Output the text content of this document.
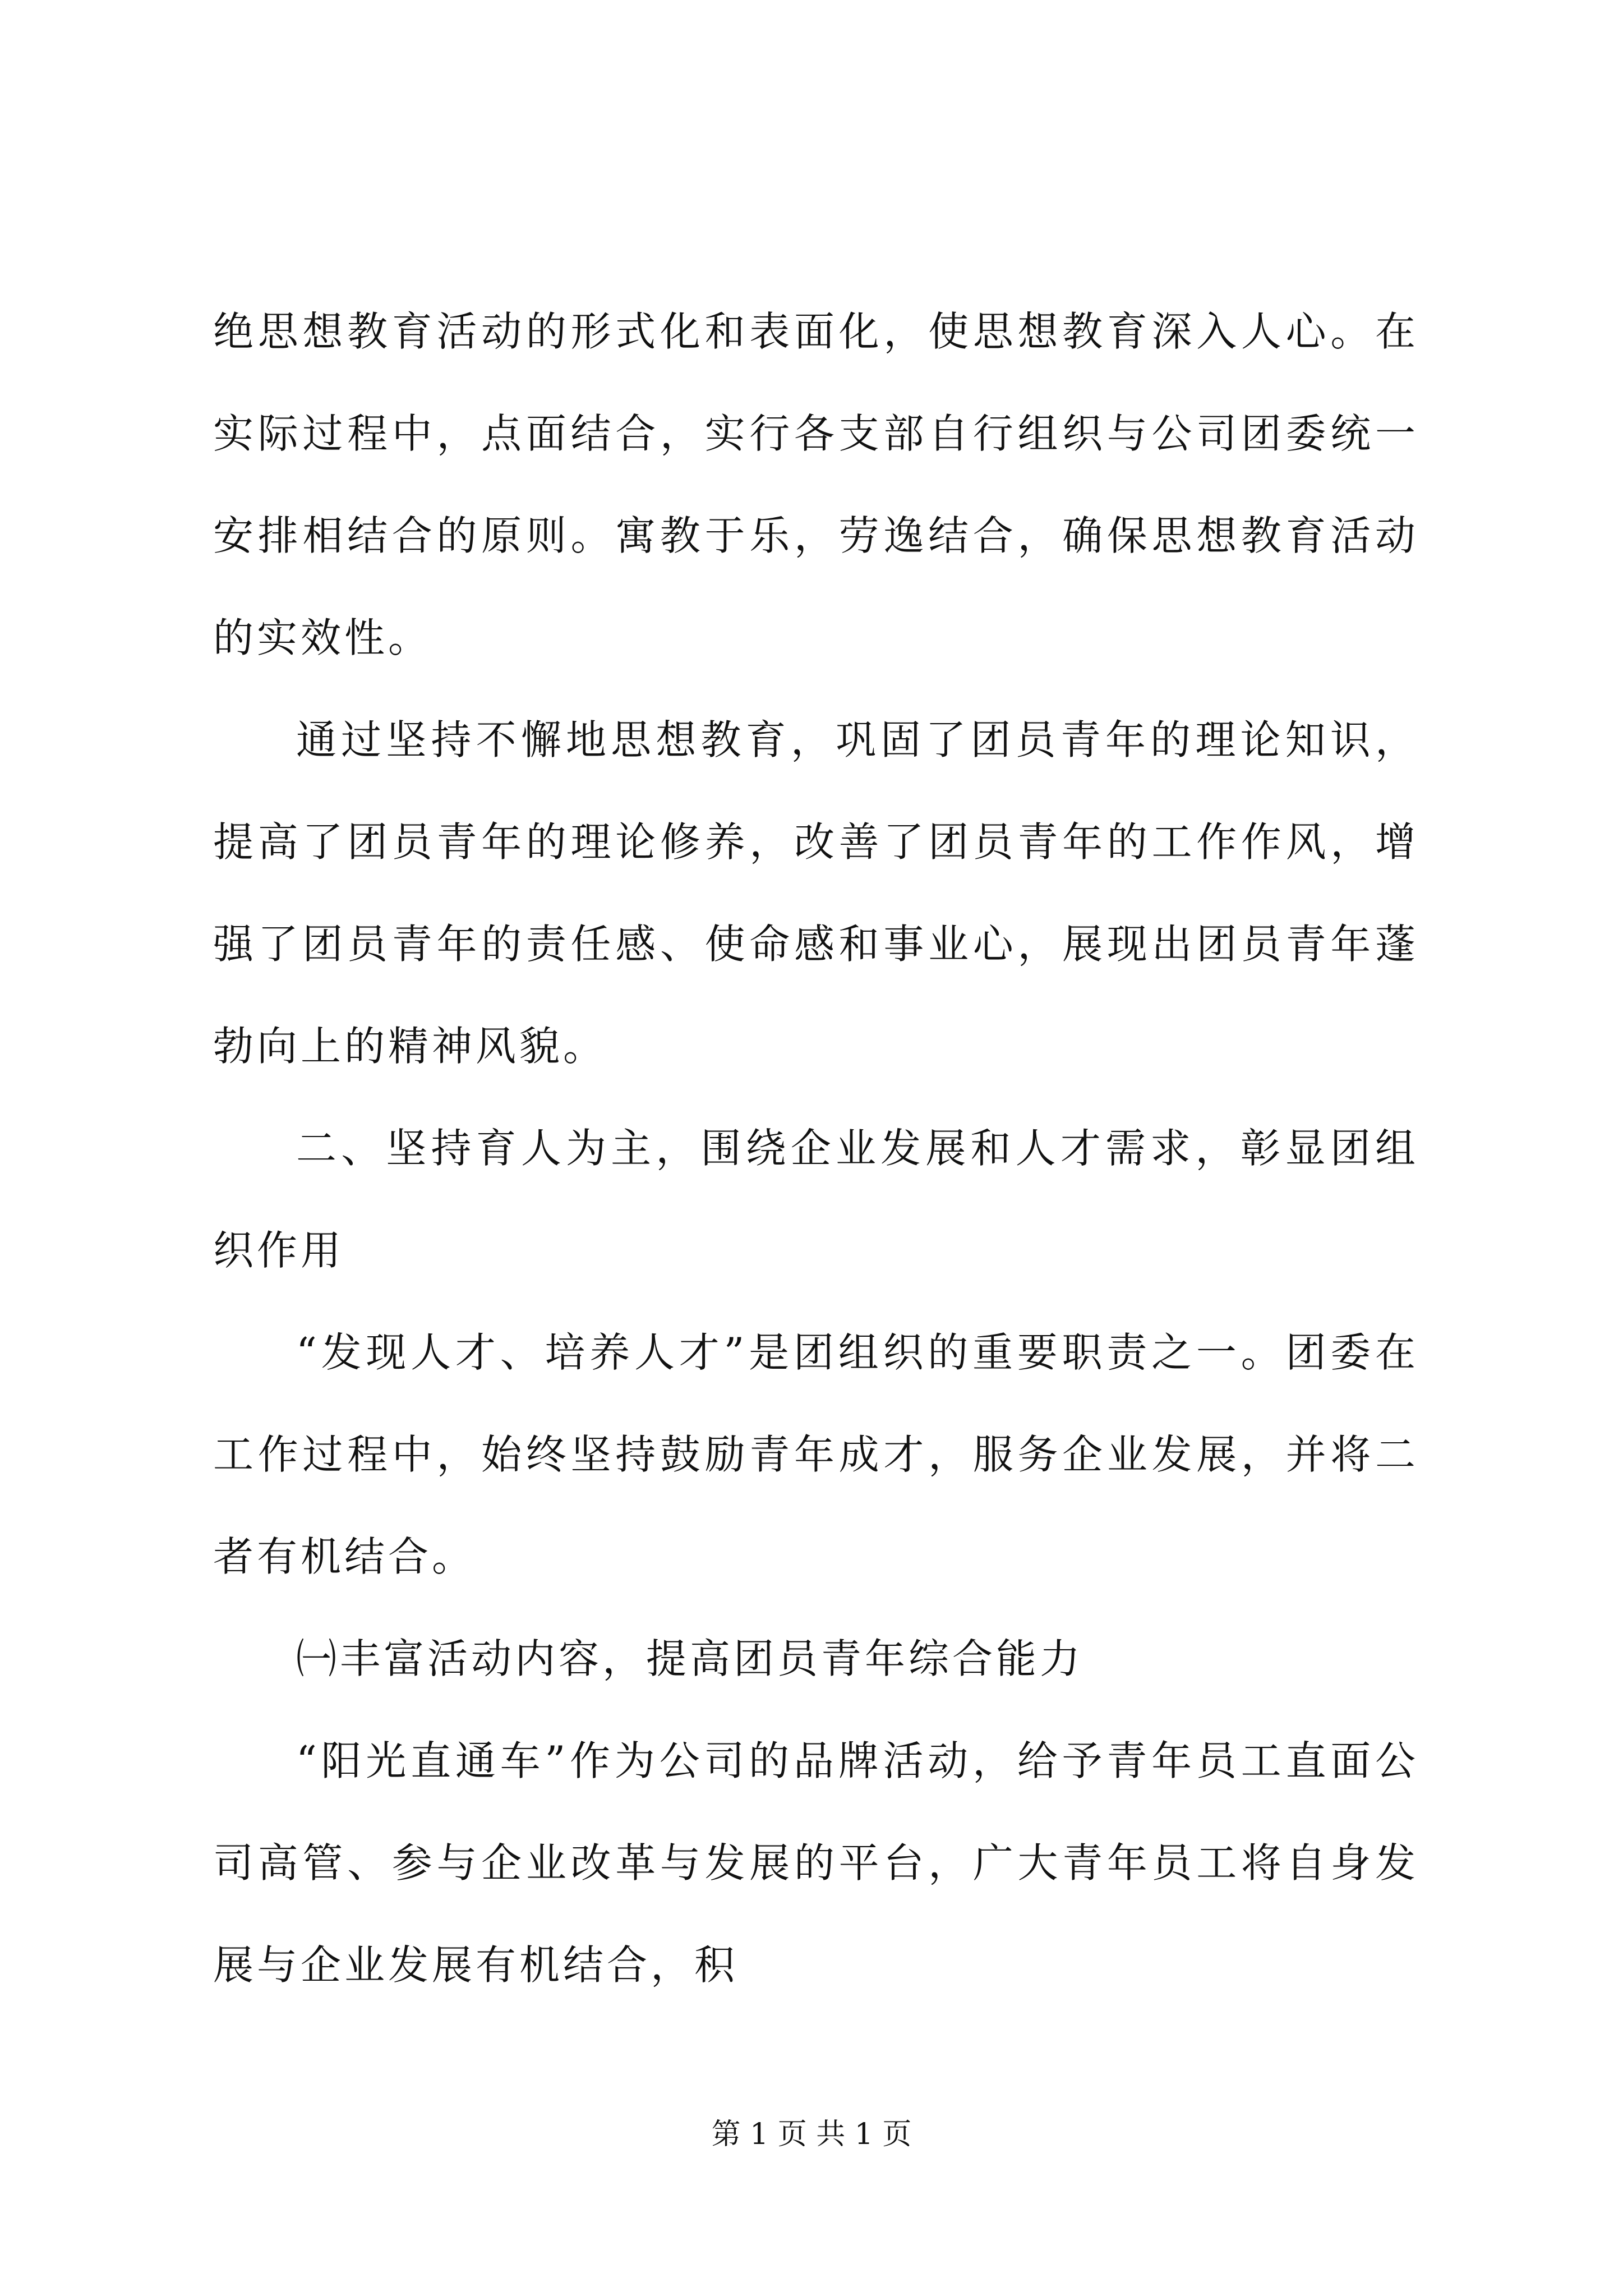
绝思想教育活动的形式化和表面化，使思想教育深入人心。在实际过程中，点面结合，实行各支部自行组织与公司团委统一安排相结合的原则。寓教于乐，劳逸结合，确保思想教育活动的实效性。

通过坚持不懈地思想教育，巩固了团员青年的理论知识，提高了团员青年的理论修养，改善了团员青年的工作作风，增强了团员青年的责任感、使命感和事业心，展现出团员青年蓬勃向上的精神风貌。

二、坚持育人为主，围绕企业发展和人才需求，彰显团组织作用

“发现人才、培养人才”是团组织的重要职责之一。团委在工作过程中，始终坚持鼓励青年成才，服务企业发展，并将二者有机结合。

㈠丰富活动内容，提高团员青年综合能力

“阳光直通车”作为公司的品牌活动，给予青年员工直面公司高管、参与企业改革与发展的平台，广大青年员工将自身发展与企业发展有机结合，积

第 1 页 共 1 页
